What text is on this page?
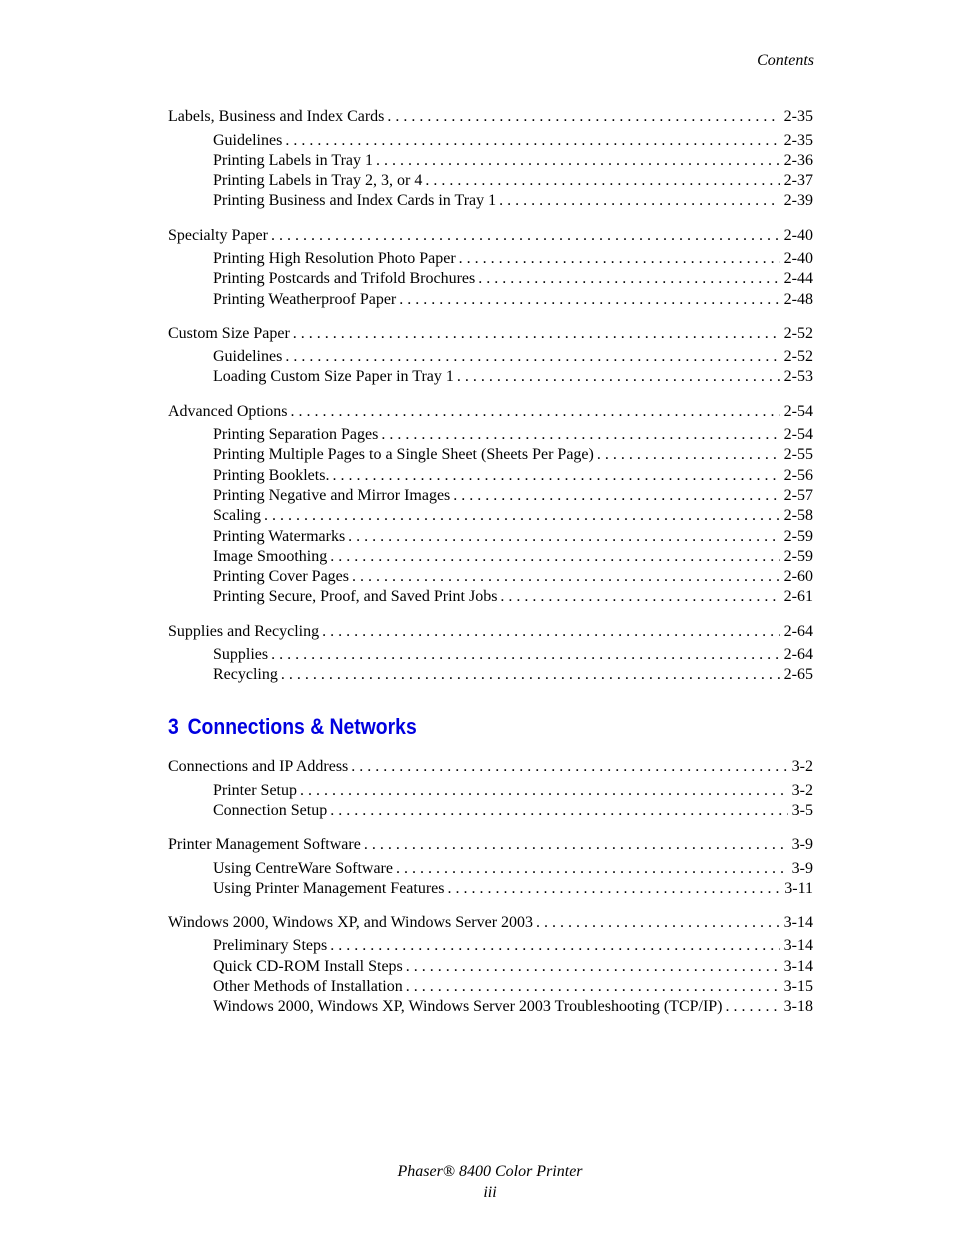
Contents
Labels, Business and Index Cards . . .	2-35
Guidelines . . .	2-35
Printing Labels in Tray 1 . . .	2-36
Printing Labels in Tray 2, 3, or 4 . . .	2-37
Printing Business and Index Cards in Tray 1 . . .	2-39
Specialty Paper . . .	2-40
Printing High Resolution Photo Paper . . .	2-40
Printing Postcards and Trifold Brochures . . .	2-44
Printing Weatherproof Paper . . .	2-48
Custom Size Paper . . .	2-52
Guidelines . . .	2-52
Loading Custom Size Paper in Tray 1 . . .	2-53
Advanced Options . . .	2-54
Printing Separation Pages . . .	2-54
Printing Multiple Pages to a Single Sheet (Sheets Per Page) . . .	2-55
Printing Booklets. . . .	2-56
Printing Negative and Mirror Images . . .	2-57
Scaling . . .	2-58
Printing Watermarks . . .	2-59
Image Smoothing . . .	2-59
Printing Cover Pages . . .	2-60
Printing Secure, Proof, and Saved Print Jobs . . .	2-61
Supplies and Recycling . . .	2-64
Supplies . . .	2-64
Recycling . . .	2-65
3 Connections & Networks
Connections and IP Address . . .	3-2
Printer Setup . . .	3-2
Connection Setup . . .	3-5
Printer Management Software . . .	3-9
Using CentreWare Software . . .	3-9
Using Printer Management Features . . .	3-11
Windows 2000, Windows XP, and Windows Server 2003 . . .	3-14
Preliminary Steps . . .	3-14
Quick CD-ROM Install Steps . . .	3-14
Other Methods of Installation . . .	3-15
Windows 2000, Windows XP, Windows Server 2003 Troubleshooting (TCP/IP) . . .	3-18
Phaser® 8400 Color Printer
iii
